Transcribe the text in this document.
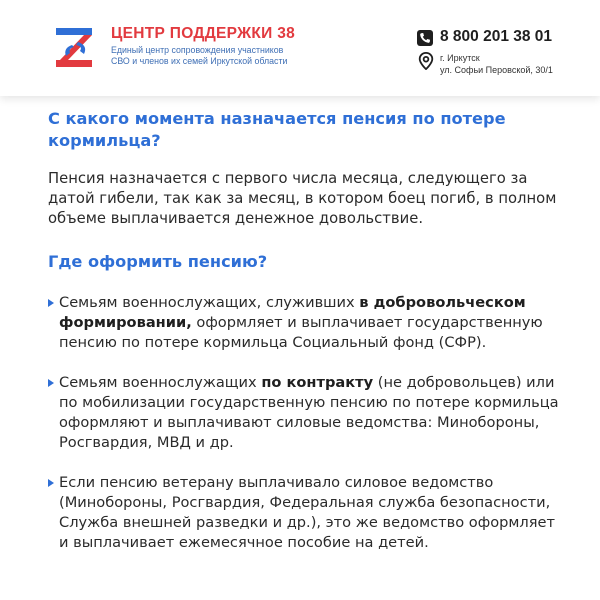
ЦЕНТР ПОДДЕРЖКИ 38
Единый центр сопровождения участников СВО и членов их семей Иркутской области
8 800 201 38 01
г. Иркутск
ул. Софьи Перовской, 30/1
С какого момента назначается пенсия по потере кормильца?
Пенсия назначается с первого числа месяца, следующего за датой гибели, так как за месяц, в котором боец погиб, в полном объеме выплачивается денежное довольствие.
Где оформить пенсию?
Семьям военнослужащих, служивших в добровольческом формировании, оформляет и выплачивает государственную пенсию по потере кормильца Социальный фонд (СФР).
Семьям военнослужащих по контракту (не добровольцев) или по мобилизации государственную пенсию по потере кормильца оформляют и выплачивают силовые ведомства: Минобороны, Росгвардия, МВД и др.
Если пенсию ветерану выплачивало силовое ведомство (Минобороны, Росгвардия, Федеральная служба безопасности, Служба внешней разведки и др.), это же ведомство оформляет и выплачивает ежемесячное пособие на детей.
